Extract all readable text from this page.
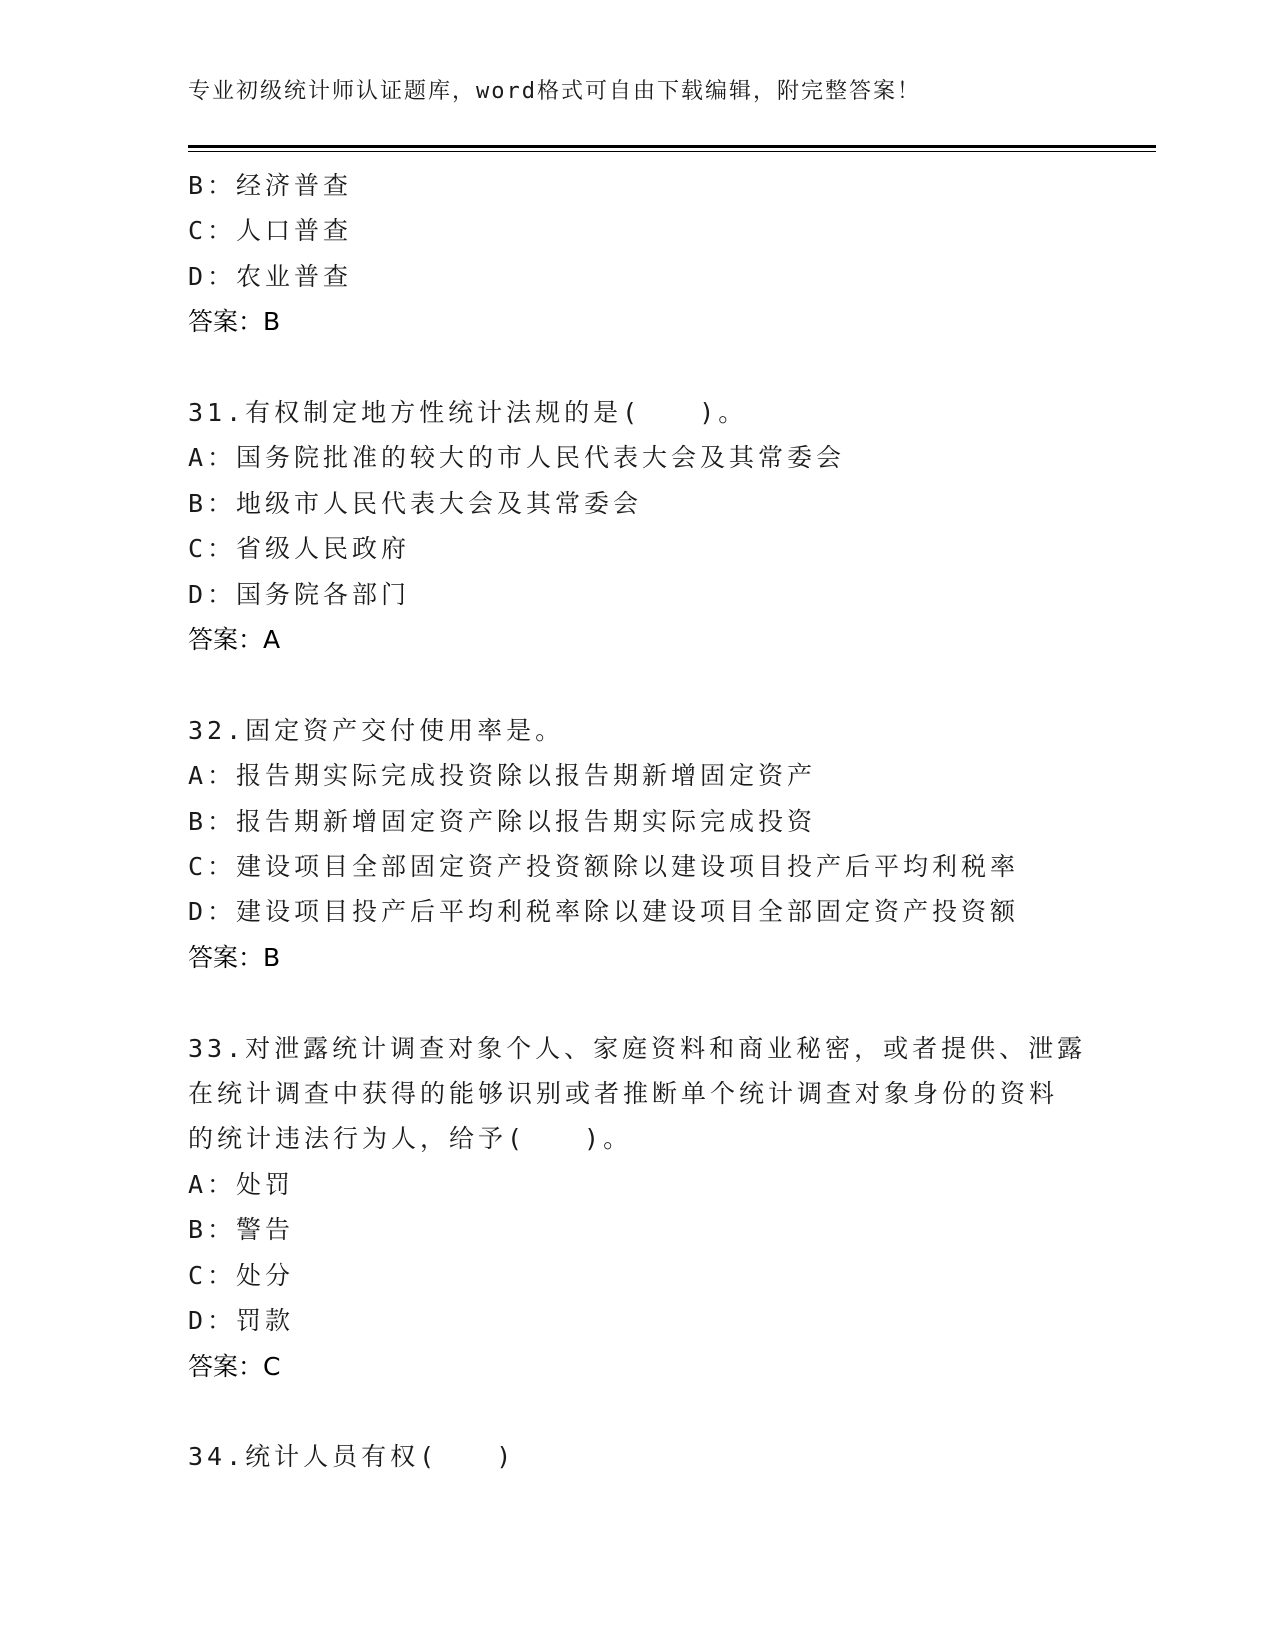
专业初级统计师认证题库，word格式可自由下载编辑，附完整答案！
B：经济普查
C：人口普查
D：农业普查
答案：B
31.有权制定地方性统计法规的是(　　)。
A：国务院批准的较大的市人民代表大会及其常委会
B：地级市人民代表大会及其常委会
C：省级人民政府
D：国务院各部门
答案：A
32.固定资产交付使用率是。
A：报告期实际完成投资除以报告期新增固定资产
B：报告期新增固定资产除以报告期实际完成投资
C：建设项目全部固定资产投资额除以建设项目投产后平均利税率
D：建设项目投产后平均利税率除以建设项目全部固定资产投资额
答案：B
33.对泄露统计调查对象个人、家庭资料和商业秘密，或者提供、泄露
在统计调查中获得的能够识别或者推断单个统计调查对象身份的资料
的统计违法行为人，给予(　　)。
A：处罚
B：警告
C：处分
D：罚款
答案：C
34.统计人员有权(　　)
